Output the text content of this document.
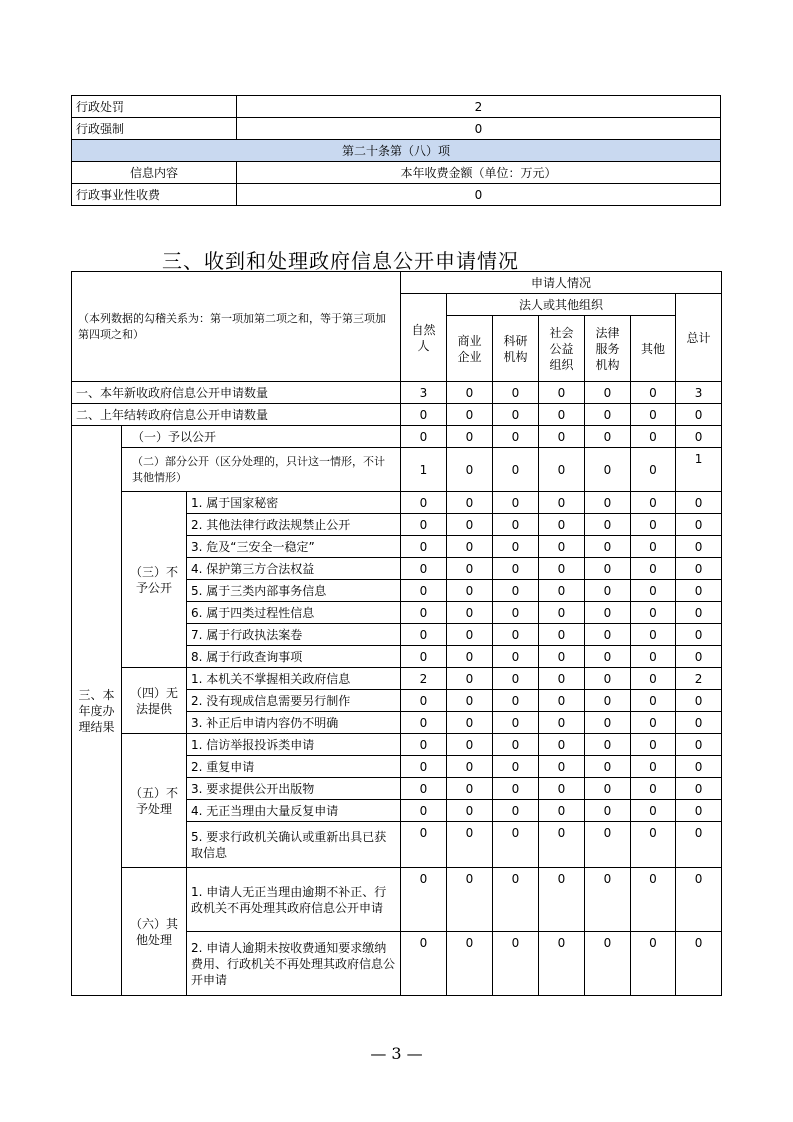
行政处罚	2
行政强制	0
第二十条第（八）项	
信息内容	本年收费金额（单位：万元）
行政事业性收费	0
三、收到和处理政府信息公开申请情况
（本列数据的勾稽关系为：第一项加第二项之和，等于第三项加第四项之和）			申请人情况						
			自然人	法人或其他组织					总计
				商业企业	科研机构	社会公益组织	法律服务机构	其他	
一、本年新收政府信息公开申请数量			3	0	0	0	0	0	3
二、上年结转政府信息公开申请数量			0	0	0	0	0	0	0
三、本年度办理结果	（一）予以公开		0	0	0	0	0	0	0
	（二）部分公开（区分处理的，只计这一情形，不计其他情形）		1	0	0	0	0	0	1
	（三）不予公开	1. 属于国家秘密	0	0	0	0	0	0	0
		2. 其他法律行政法规禁止公开	0	0	0	0	0	0	0
		3. 危及“三安全一稳定”	0	0	0	0	0	0	0
		4. 保护第三方合法权益	0	0	0	0	0	0	0
		5. 属于三类内部事务信息	0	0	0	0	0	0	0
		6. 属于四类过程性信息	0	0	0	0	0	0	0
		7. 属于行政执法案卷	0	0	0	0	0	0	0
		8. 属于行政查询事项	0	0	0	0	0	0	0
	（四）无法提供	1. 本机关不掌握相关政府信息	2	0	0	0	0	0	2
		2. 没有现成信息需要另行制作	0	0	0	0	0	0	0
		3. 补正后申请内容仍不明确	0	0	0	0	0	0	0
	（五）不予处理	1. 信访举报投诉类申请	0	0	0	0	0	0	0
		2. 重复申请	0	0	0	0	0	0	0
		3. 要求提供公开出版物	0	0	0	0	0	0	0
		4. 无正当理由大量反复申请	0	0	0	0	0	0	0
		5. 要求行政机关确认或重新出具已获取信息	0	0	0	0	0	0	0
	（六）其他处理	1. 申请人无正当理由逾期不补正、行政机关不再处理其政府信息公开申请	0	0	0	0	0	0	0
		2. 申请人逾期未按收费通知要求缴纳费用、行政机关不再处理其政府信息公开申请	0	0	0	0	0	0	0
— 3 —
